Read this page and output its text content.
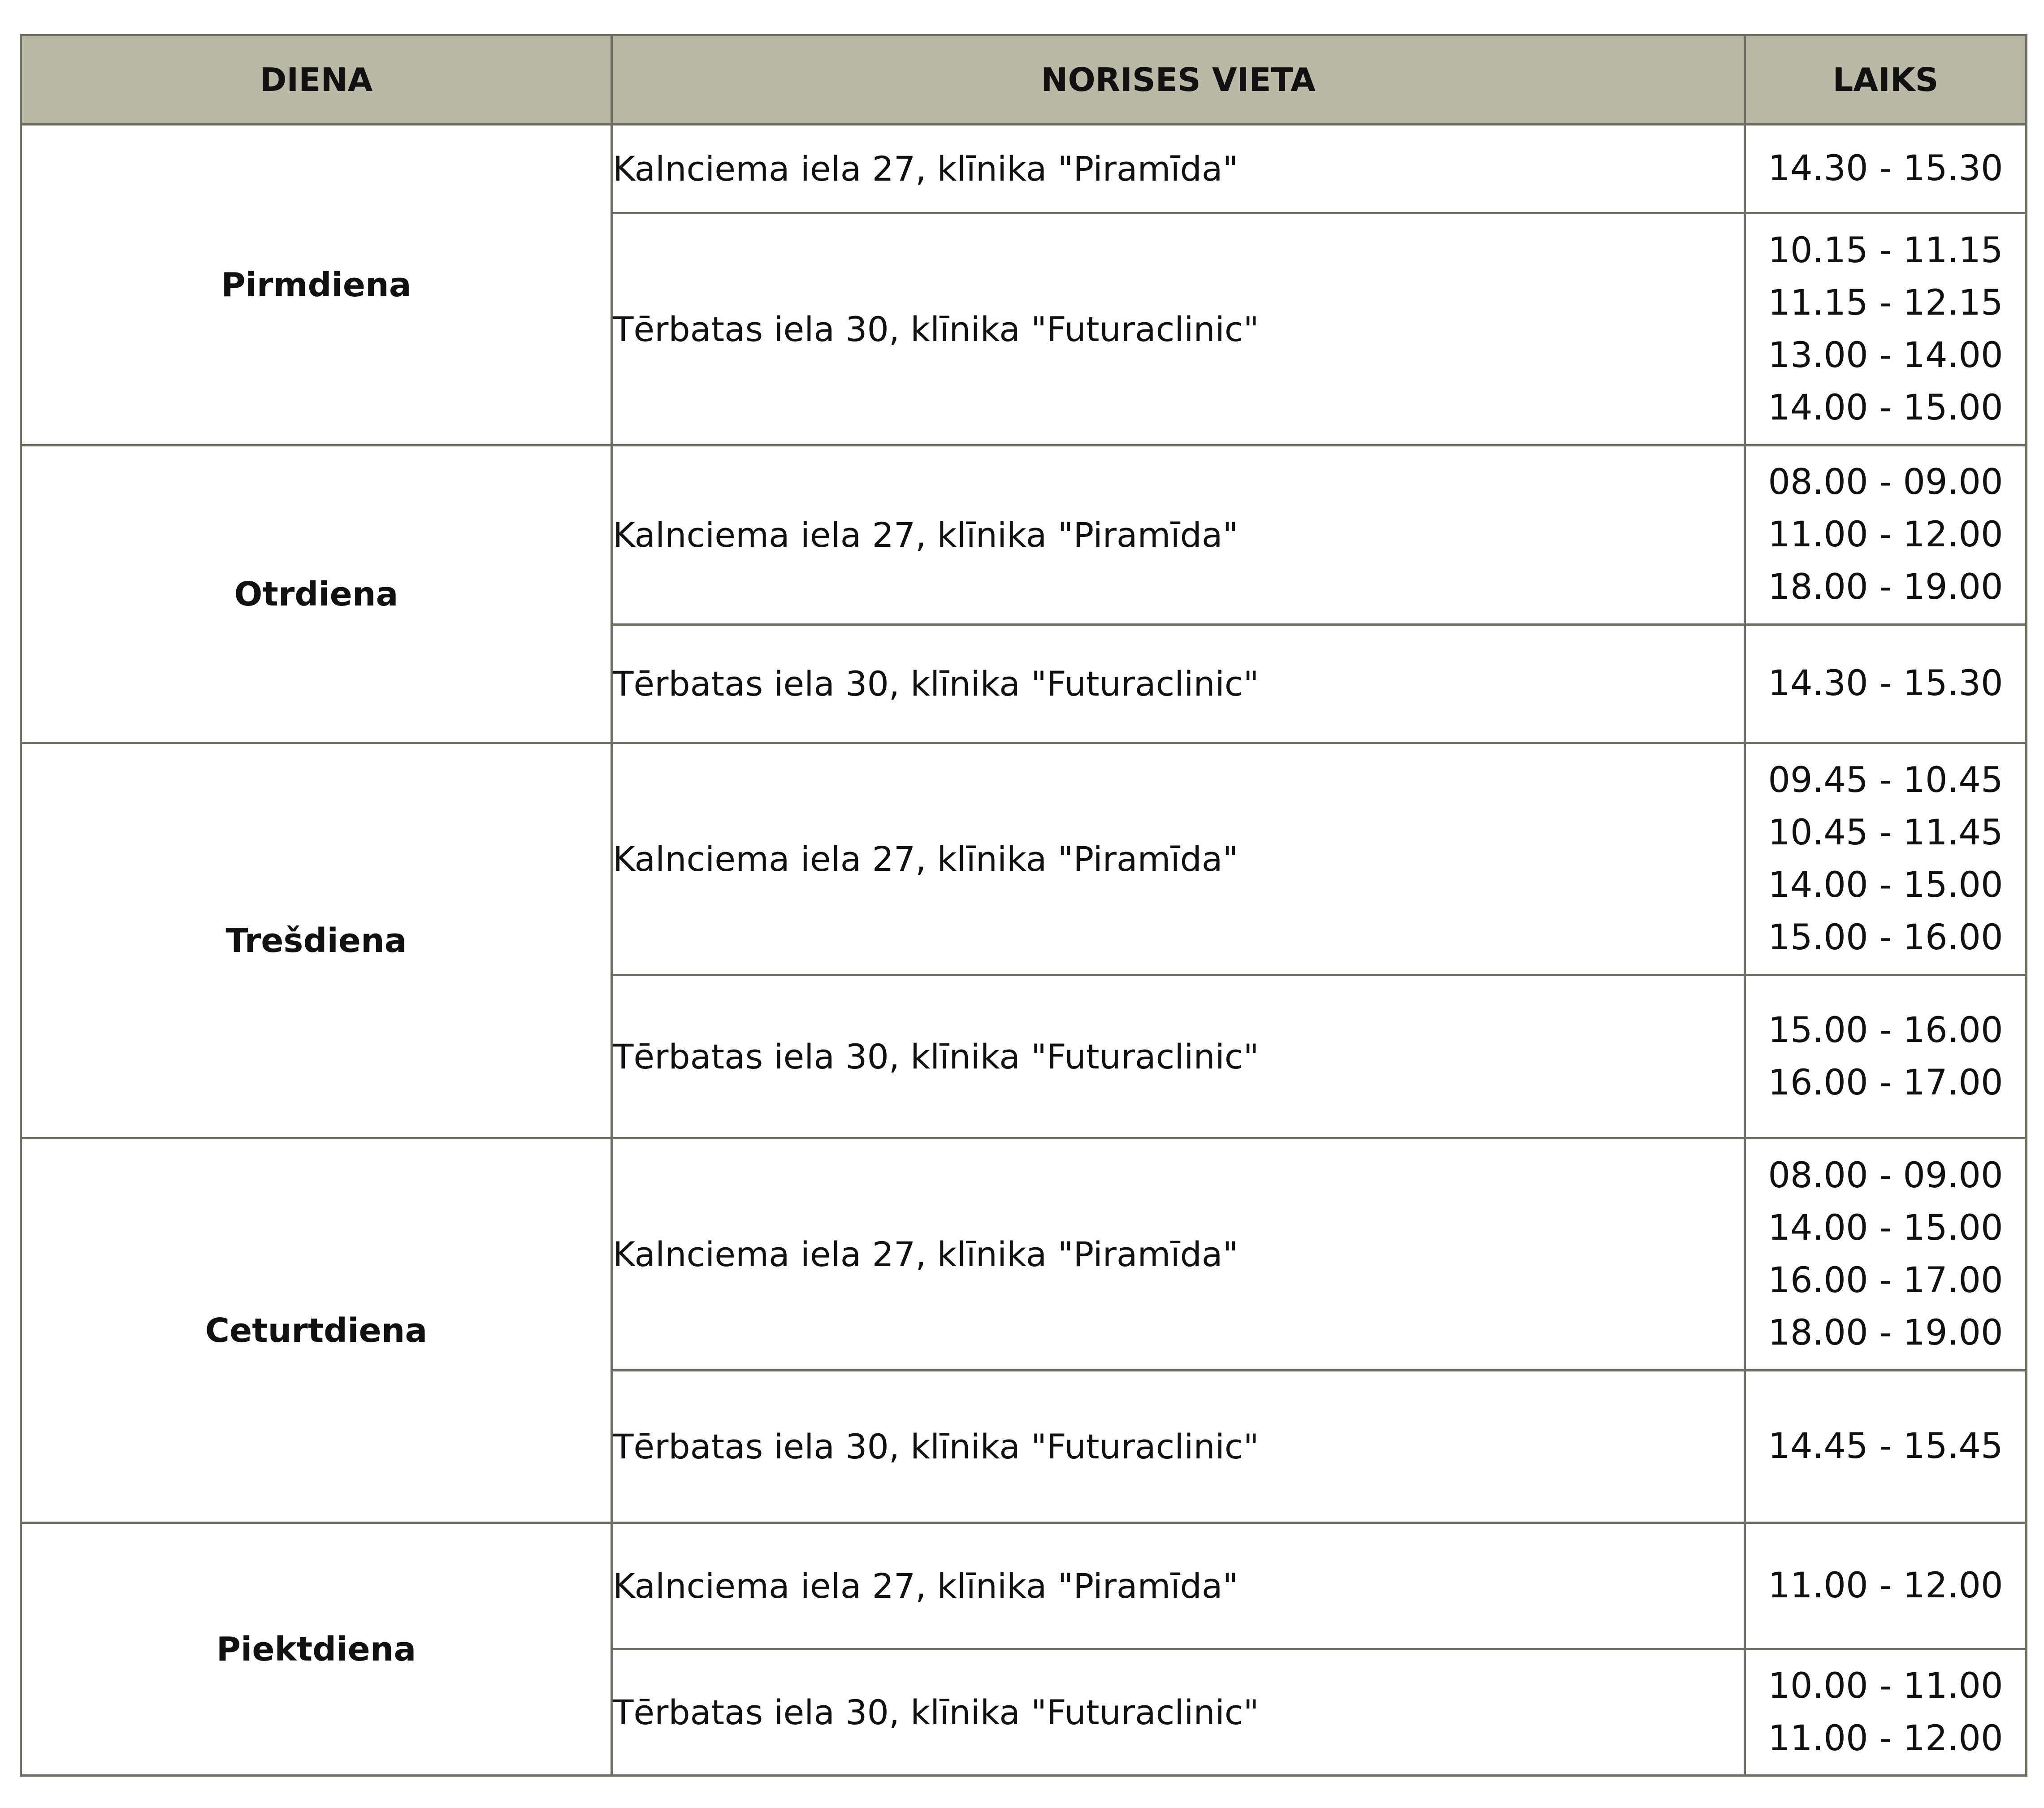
DIENA	NORISES VIETA	LAIKS
Pirmdiena	Kalnciema iela 27, klīnika "Piramīda"	14.30 - 15.30

	Tērbatas iela 30, klīnika "Futuraclinic"	10.15 - 11.15
11.15 - 12.15
13.00 - 14.00
14.00 - 15.00

Otrdiena	Kalnciema iela 27, klīnika "Piramīda"	08.00 - 09.00
11.00 - 12.00
18.00 - 19.00

	Tērbatas iela 30, klīnika "Futuraclinic"	14.30 - 15.30

Trešdiena	Kalnciema iela 27, klīnika "Piramīda"	09.45 - 10.45
10.45 - 11.45
14.00 - 15.00
15.00 - 16.00

	Tērbatas iela 30, klīnika "Futuraclinic"	15.00 - 16.00
16.00 - 17.00

Ceturtdiena	Kalnciema iela 27, klīnika "Piramīda"	08.00 - 09.00
14.00 - 15.00
16.00 - 17.00
18.00 - 19.00

	Tērbatas iela 30, klīnika "Futuraclinic"	14.45 - 15.45

Piektdiena	Kalnciema iela 27, klīnika "Piramīda"	11.00 - 12.00

	Tērbatas iela 30, klīnika "Futuraclinic"	10.00 - 11.00
11.00 - 12.00
